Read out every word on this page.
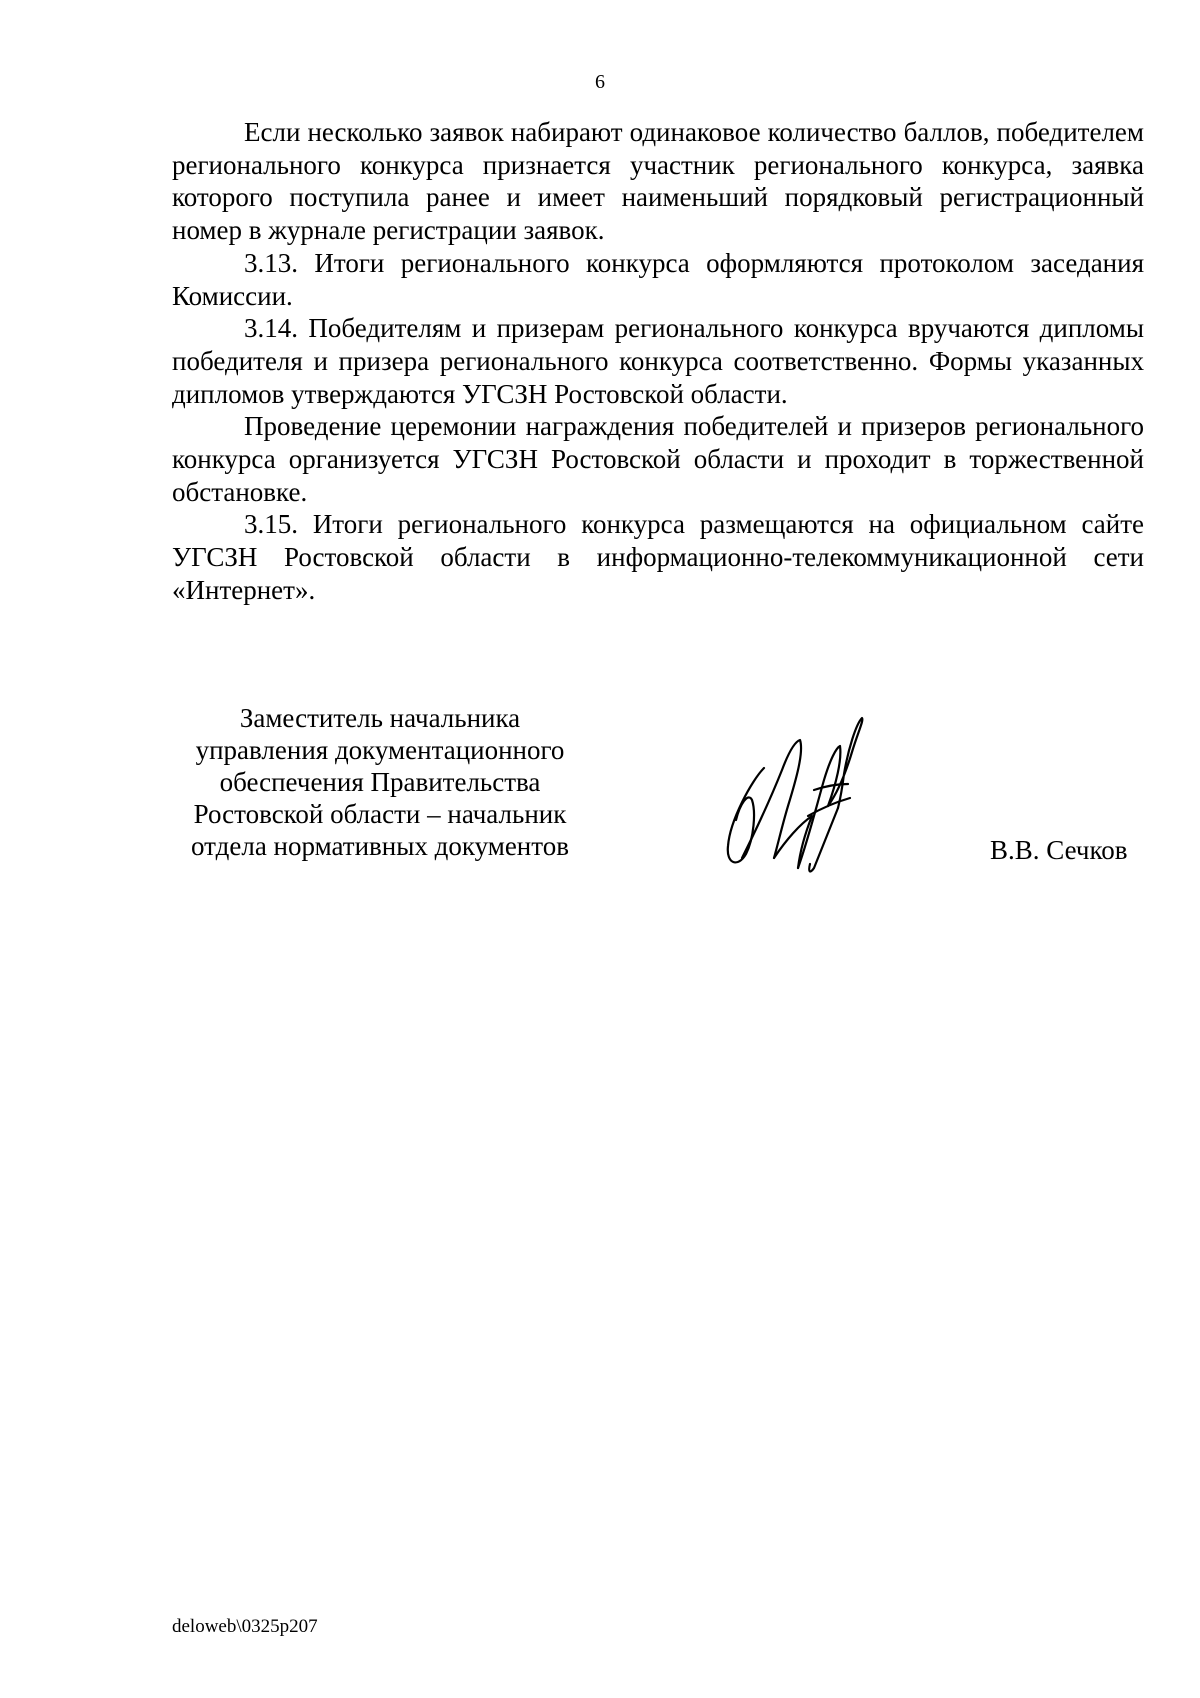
6

Если несколько заявок набирают одинаковое количество баллов, победителем регионального конкурса признается участник регионального конкурса, заявка которого поступила ранее и имеет наименьший порядковый регистрационный номер в журнале регистрации заявок.

3.13. Итоги регионального конкурса оформляются протоколом заседания Комиссии.

3.14. Победителям и призерам регионального конкурса вручаются дипломы победителя и призера регионального конкурса соответственно. Формы указанных дипломов утверждаются УГСЗН Ростовской области.

Проведение церемонии награждения победителей и призеров регионального конкурса организуется УГСЗН Ростовской области и проходит в торжественной обстановке.

3.15. Итоги регионального конкурса размещаются на официальном сайте УГСЗН Ростовской области в информационно-телекоммуникационной сети «Интернет».

Заместитель начальника
управления документационного
обеспечения Правительства
Ростовской области – начальник
отдела нормативных документов	В.В. Сечков
deloweb\0325p207
